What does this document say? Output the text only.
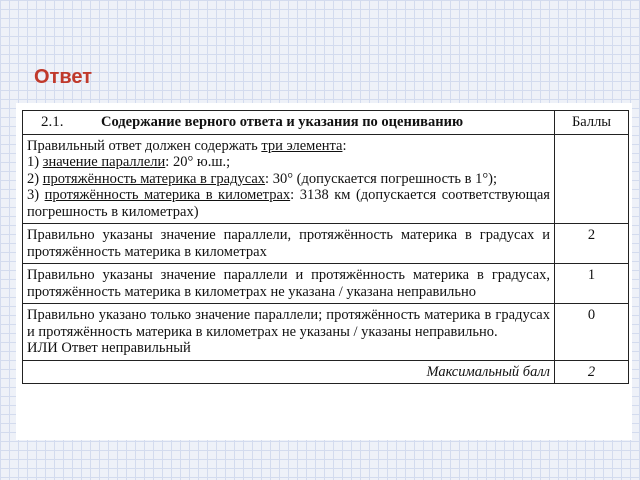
Ответ
2.1. Содержание верного ответа и указания по оцениванию	Баллы

Правильный ответ должен содержать три элемента:
1) значение параллели: 20° ю.ш.;
2) протяжённость материка в градусах: 30° (допускается погрешность в 1°);
3) протяжённость материка в километрах: 3138 км (допускается соответствующая погрешность в километрах)	

Правильно указаны значение параллели, протяжённость материка в градусах и протяжённость материка в километрах	2
Правильно указаны значение параллели и протяжённость материка в градусах, протяжённость материка в километрах не указана / указана неправильно	1

Правильно указано только значение параллели; протяжённость материка в градусах и протяжённость материка в километрах не указаны / указаны неправильно.
ИЛИ Ответ неправильный	0
Максимальный балл	2
